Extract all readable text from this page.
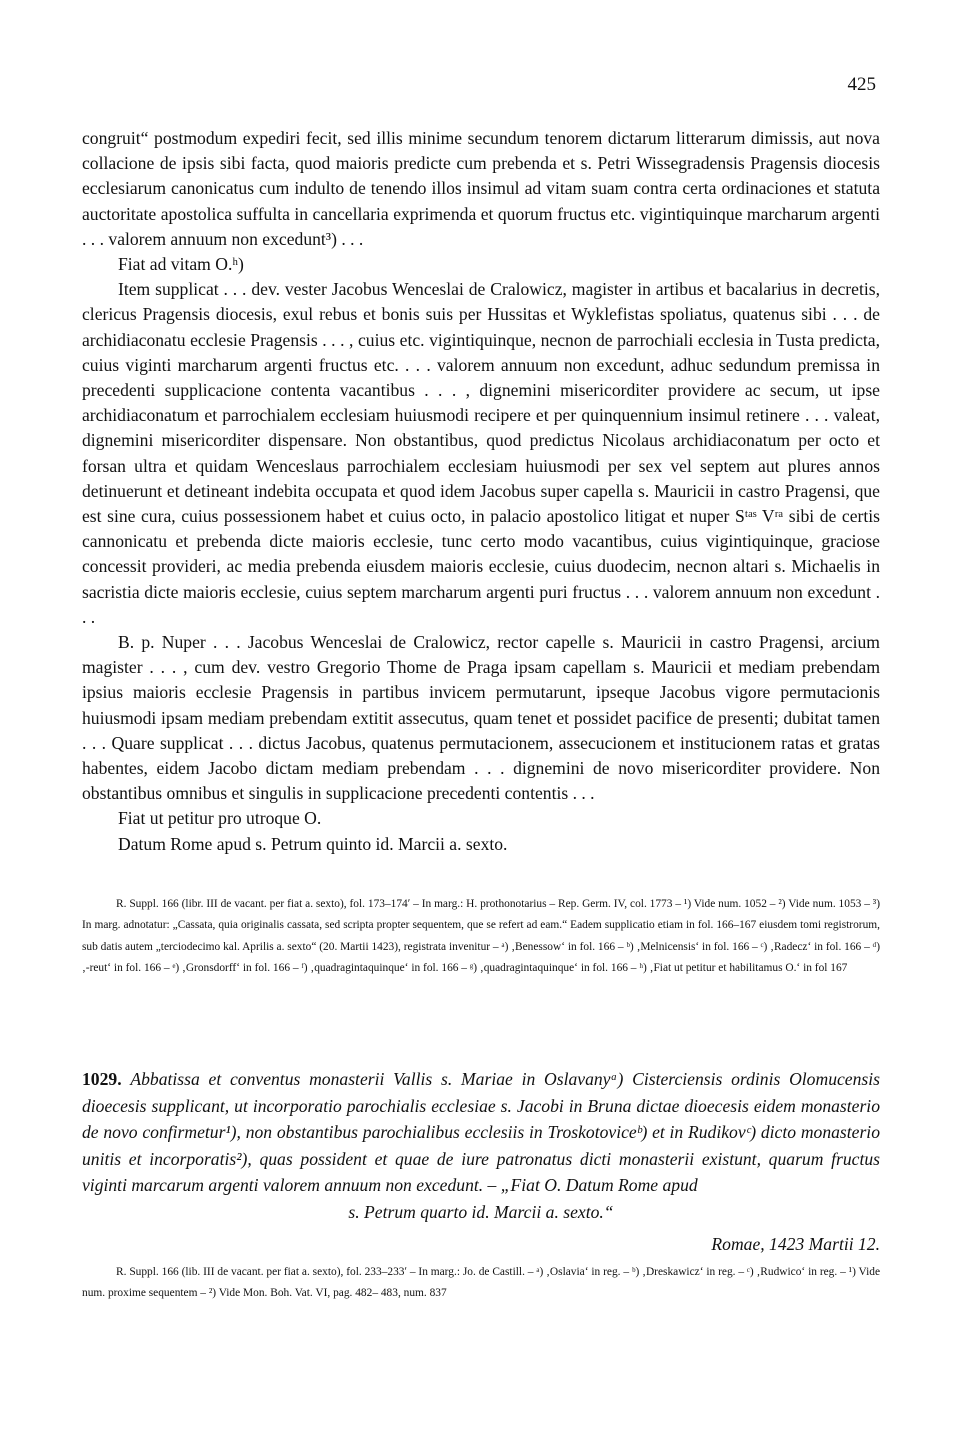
425

congruit“ postmodum expediri fecit, sed illis minime secundum tenorem dictarum litterarum dimissis, aut nova collacione de ipsis sibi facta, quod maioris predicte cum prebenda et s. Petri Wissegradensis Pragensis diocesis ecclesiarum canonicatus cum indulto de tenendo illos insimul ad vitam suam contra certa ordinaciones et statuta auctoritate apostolica suffulta in cancellaria exprimenda et quorum fructus etc. vigintiquinque marcharum argenti . . . valorem annuum non excedunt³) . . .

Fiat ad vitam O.ʰ)

Item supplicat . . . dev. vester Jacobus Wenceslai de Cralowicz, magister in artibus et bacalarius in decretis, clericus Pragensis diocesis, exul rebus et bonis suis per Hussitas et Wyklefistas spoliatus, quatenus sibi . . . de archidiaconatu ecclesie Pragensis . . . , cuius etc. vigintiquinque, necnon de parrochiali ecclesia in Tusta predicta, cuius viginti marcharum argenti fructus etc. . . . valorem annuum non excedunt, adhuc sedundum premissa in precedenti supplicacione contenta vacantibus . . . , dignemini misericorditer providere ac secum, ut ipse archidiaconatum et parrochialem ecclesiam huiusmodi recipere et per quinquennium insimul retinere . . . valeat, dignemini misericorditer dispensare. Non obstantibus, quod predictus Nicolaus archidiaconatum per octo et forsan ultra et quidam Wenceslaus parrochialem ecclesiam huiusmodi per sex vel septem aut plures annos detinuerunt et detineant indebita occupata et quod idem Jacobus super capella s. Mauricii in castro Pragensi, que est sine cura, cuius possessionem habet et cuius octo, in palacio apostolico litigat et nuper Sᵗᵃˢ Vʳᵃ sibi de certis cannonicatu et prebenda dicte maioris ecclesie, tunc certo modo vacantibus, cuius vigintiquinque, graciose concessit provideri, ac media prebenda eiusdem maioris ecclesie, cuius duodecim, necnon altari s. Michaelis in sacristia dicte maioris ecclesie, cuius septem marcharum argenti puri fructus . . . valorem annuum non excedunt . . .

B. p. Nuper . . . Jacobus Wenceslai de Cralowicz, rector capelle s. Mauricii in castro Pragensi, arcium magister . . . , cum dev. vestro Gregorio Thome de Praga ipsam capellam s. Mauricii et mediam prebendam ipsius maioris ecclesie Pragensis in partibus invicem permutarunt, ipseque Jacobus vigore permutacionis huiusmodi ipsam mediam prebendam extitit assecutus, quam tenet et possidet pacifice de presenti; dubitat tamen . . . Quare supplicat . . . dictus Jacobus, quatenus permutacionem, assecucionem et institucionem ratas et gratas habentes, eidem Jacobo dictam mediam prebendam . . . dignemini de novo misericorditer providere. Non obstantibus omnibus et singulis in supplicacione precedenti contentis . . .

Fiat ut petitur pro utroque O.

Datum Rome apud s. Petrum quinto id. Marcii a. sexto.

R. Suppl. 166 (libr. III de vacant. per fiat a. sexto), fol. 173–174ʹ – In marg.: H. prothonotarius – Rep. Germ. IV, col. 1773 – ¹) Vide num. 1052 – ²) Vide num. 1053 – ³) In marg. adnotatur: „Cassata, quia originalis cassata, sed scripta propter sequentem, que se refert ad eam.“ Eadem supplicatio etiam in fol. 166–167 eiusdem tomi registrorum, sub datis autem „terciodecimo kal. Aprilis a. sexto“ (20. Martii 1423), registrata invenitur – ᵃ) ‚Benessow‘ in fol. 166 – ᵇ) ‚Melnicensis‘ in fol. 166 – ᶜ) ‚Radecz‘ in fol. 166 – ᵈ) ‚-reut‘ in fol. 166 – ᵉ) ‚Gronsdorff‘ in fol. 166 – ᶠ) ‚quadragintaquinque‘ in fol. 166 – ᵍ) ‚quadragintaquinque‘ in fol. 166 – ʰ) ‚Fiat ut petitur et habilitamus O.‘ in fol 167

1029. Abbatissa et conventus monasterii Vallis s. Mariae in Oslavanyᵃ) Cisterciensis ordinis Olomucensis dioecesis supplicant, ut incorporatio parochialis ecclesiae s. Jacobi in Bruna dictae dioecesis eidem monasterio de novo confirmetur¹), non obstantibus parochialibus ecclesiis in Troskotoviceᵇ) et in Rudikovᶜ) dicto monasterio unitis et incorporatis²), quas possident et quae de iure patronatus dicti monasterii existunt, quarum fructus viginti marcarum argenti valorem annuum non excedunt. – „Fiat O. Datum Rome apud

s. Petrum quarto id. Marcii a. sexto.“

Romae, 1423 Martii 12.

R. Suppl. 166 (lib. III de vacant. per fiat a. sexto), fol. 233–233ʹ – In marg.: Jo. de Castill. – ᵃ) ‚Oslavia‘ in reg. – ᵇ) ‚Dreskawicz‘ in reg. – ᶜ) ‚Rudwico‘ in reg. – ¹) Vide num. proxime sequentem – ²) Vide Mon. Boh. Vat. VI, pag. 482– 483, num. 837
